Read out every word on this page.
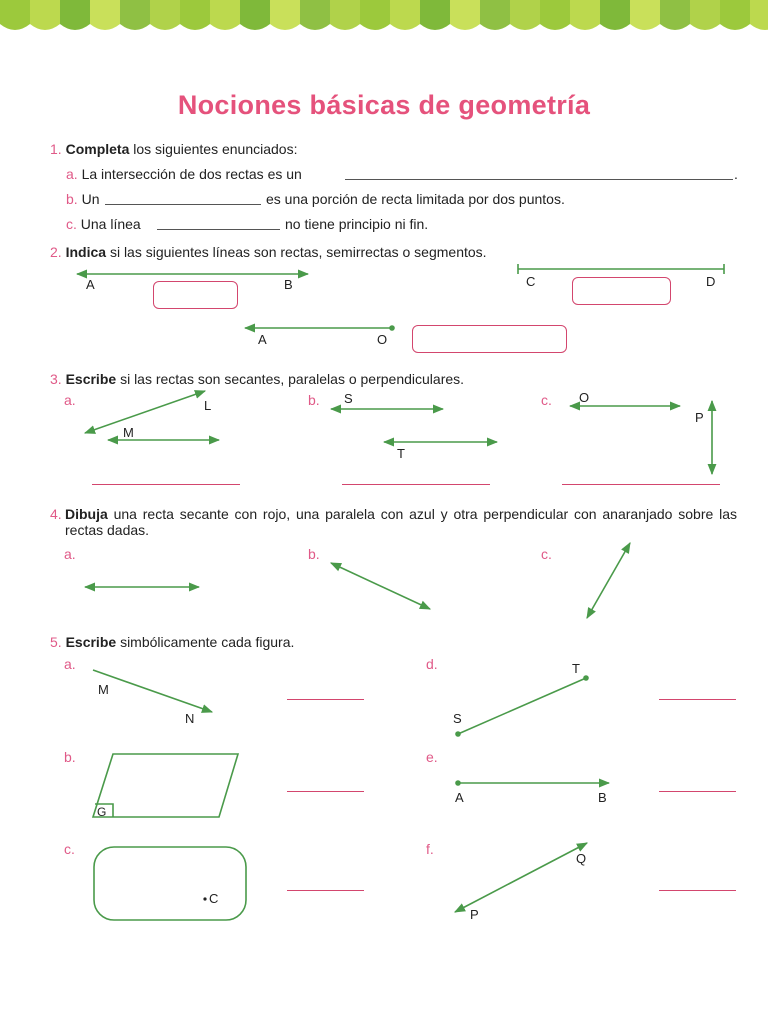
Nociones básicas de geometría
1. Completa los siguientes enunciados:
a. La intersección de dos rectas es un	.
b. Un	es una porción de recta limitada por dos puntos.
c. Una línea	no tiene principio ni fin.
2. Indica si las siguientes líneas son rectas, semirrectas o segmentos.
A	B	C	D
A	O
3. Escribe si las rectas son secantes, paralelas o perpendiculares.
a.	b.	c.
L
M
S
T
O
P
4. Dibuja una recta secante con rojo, una paralela con azul y otra perpendicular con anaranjado sobre las rectas dadas.
a.	b.	c.
5. Escribe simbólicamente cada figura.
a.
b.
c.
d.
e.
f.
M
N
G
C
T
S
A	B
Q
P
